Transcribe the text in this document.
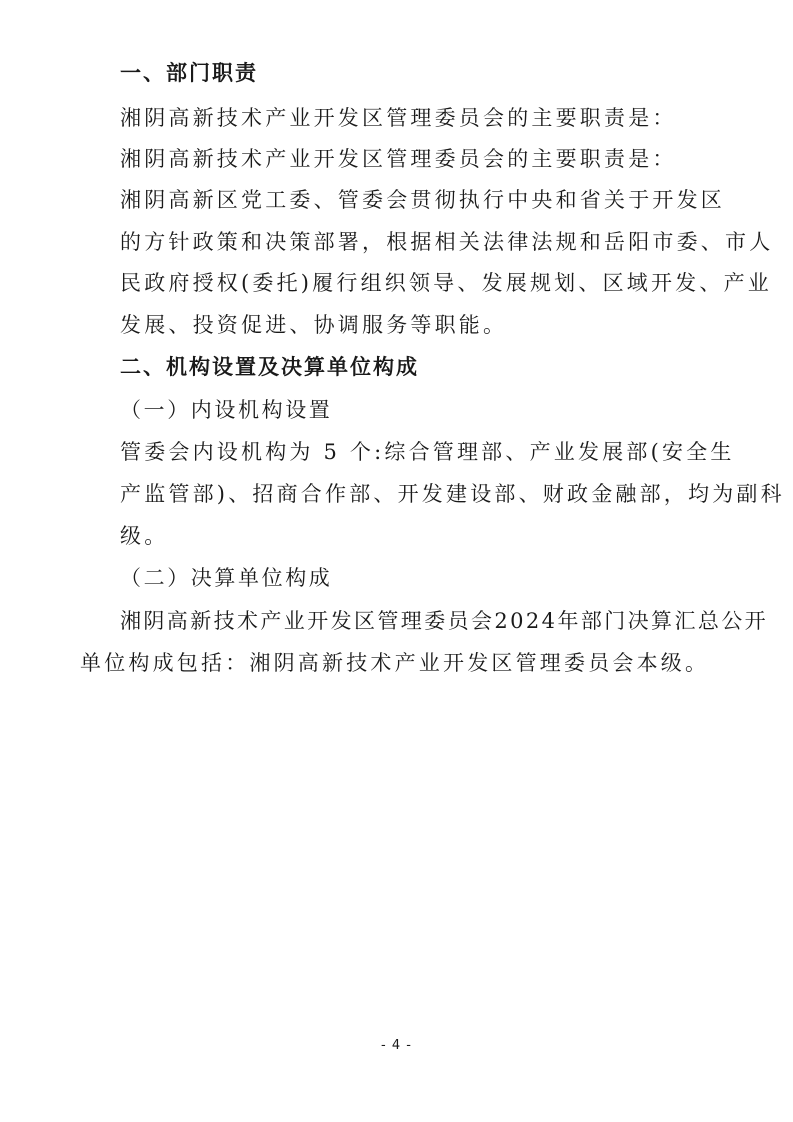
一、部门职责
湘阴高新技术产业开发区管理委员会的主要职责是：
湘阴高新技术产业开发区管理委员会的主要职责是：
湘阴高新区党工委、管委会贯彻执行中央和省关于开发区
的方针政策和决策部署，根据相关法律法规和岳阳市委、市人
民政府授权(委托)履行组织领导、发展规划、区域开发、产业
发展、投资促进、协调服务等职能。
二、机构设置及决算单位构成
（一）内设机构设置
管委会内设机构为 5 个:综合管理部、产业发展部(安全生
产监管部)、招商合作部、开发建设部、财政金融部，均为副科
级。
（二）决算单位构成
湘阴高新技术产业开发区管理委员会2024年部门决算汇总公开
单位构成包括：湘阴高新技术产业开发区管理委员会本级。
- 4 -
